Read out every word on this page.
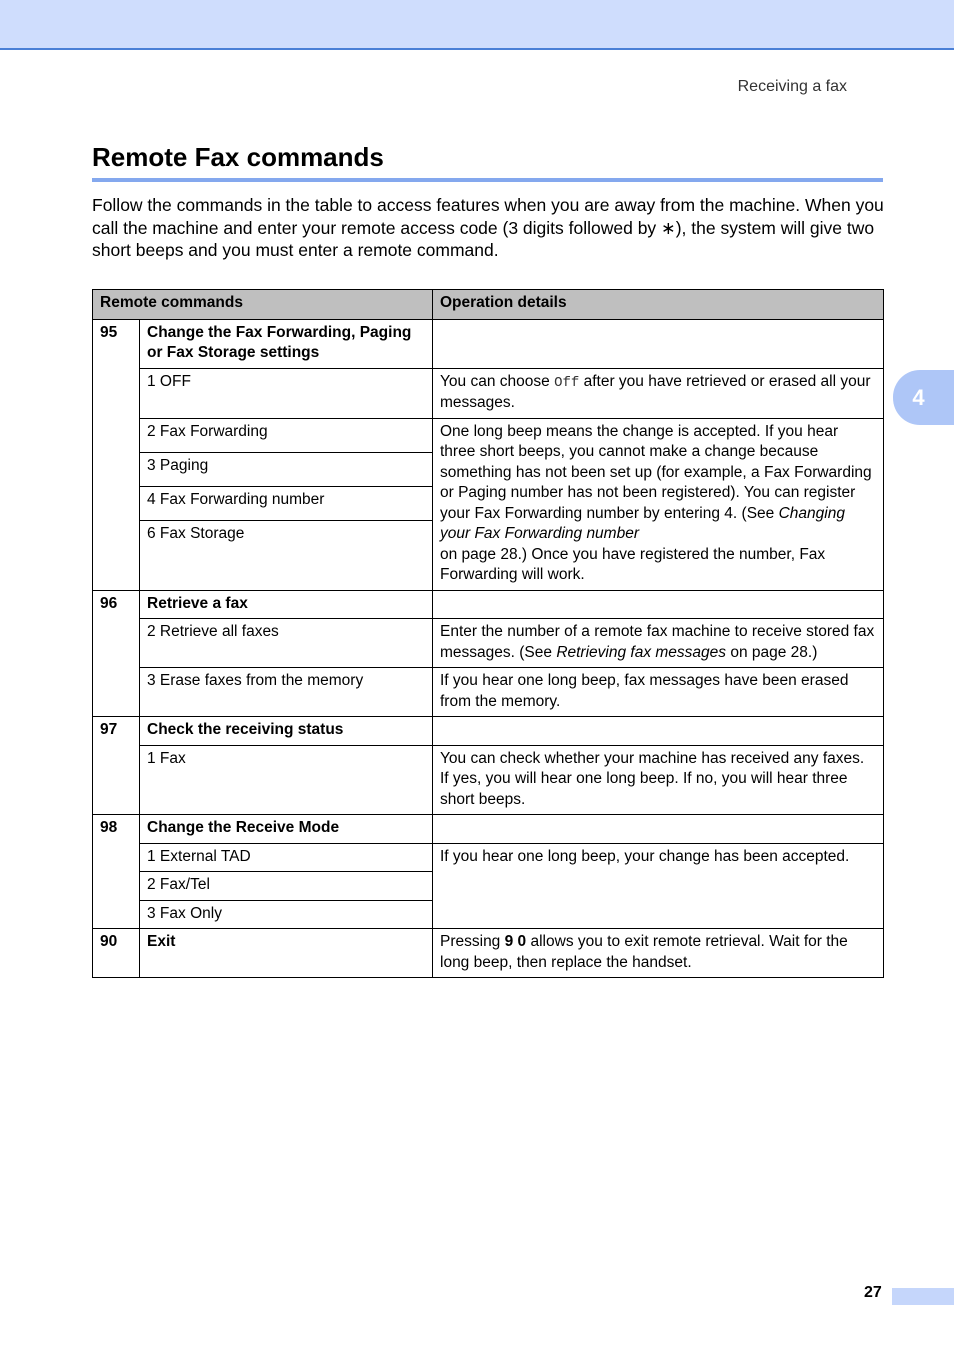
Receiving a fax
Remote Fax commands

Follow the commands in the table to access features when you are away from the machine. When you call the machine and enter your remote access code (3 digits followed by ∗), the system will give two short beeps and you must enter a remote command.

4
Remote commands		Operation details
95	Change the Fax Forwarding, Paging or Fax Storage settings	
	1 OFF	You can choose Off after you have retrieved or erased all your messages.
	2 Fax Forwarding	One long beep means the change is accepted. If you hear three short beeps, you cannot make a change because something has not been set up (for example, a Fax Forwarding or Paging number has not been registered). You can register your Fax Forwarding number by entering 4. (See Changing your Fax Forwarding number
on page 28.) Once you have registered the number, Fax Forwarding will work.
	3 Paging	
	4 Fax Forwarding number	
	6 Fax Storage	
96	Retrieve a fax	
	2 Retrieve all faxes	Enter the number of a remote fax machine to receive stored fax messages. (See Retrieving fax messages on page 28.)
	3 Erase faxes from the memory	If you hear one long beep, fax messages have been erased from the memory.
97	Check the receiving status	
	1 Fax	You can check whether your machine has received any faxes. If yes, you will hear one long beep. If no, you will hear three short beeps.
98	Change the Receive Mode	
	1 External TAD	If you hear one long beep, your change has been accepted.
	2 Fax/Tel	
	3 Fax Only	
90	Exit	Pressing 9 0 allows you to exit remote retrieval. Wait for the long beep, then replace the handset.
27
